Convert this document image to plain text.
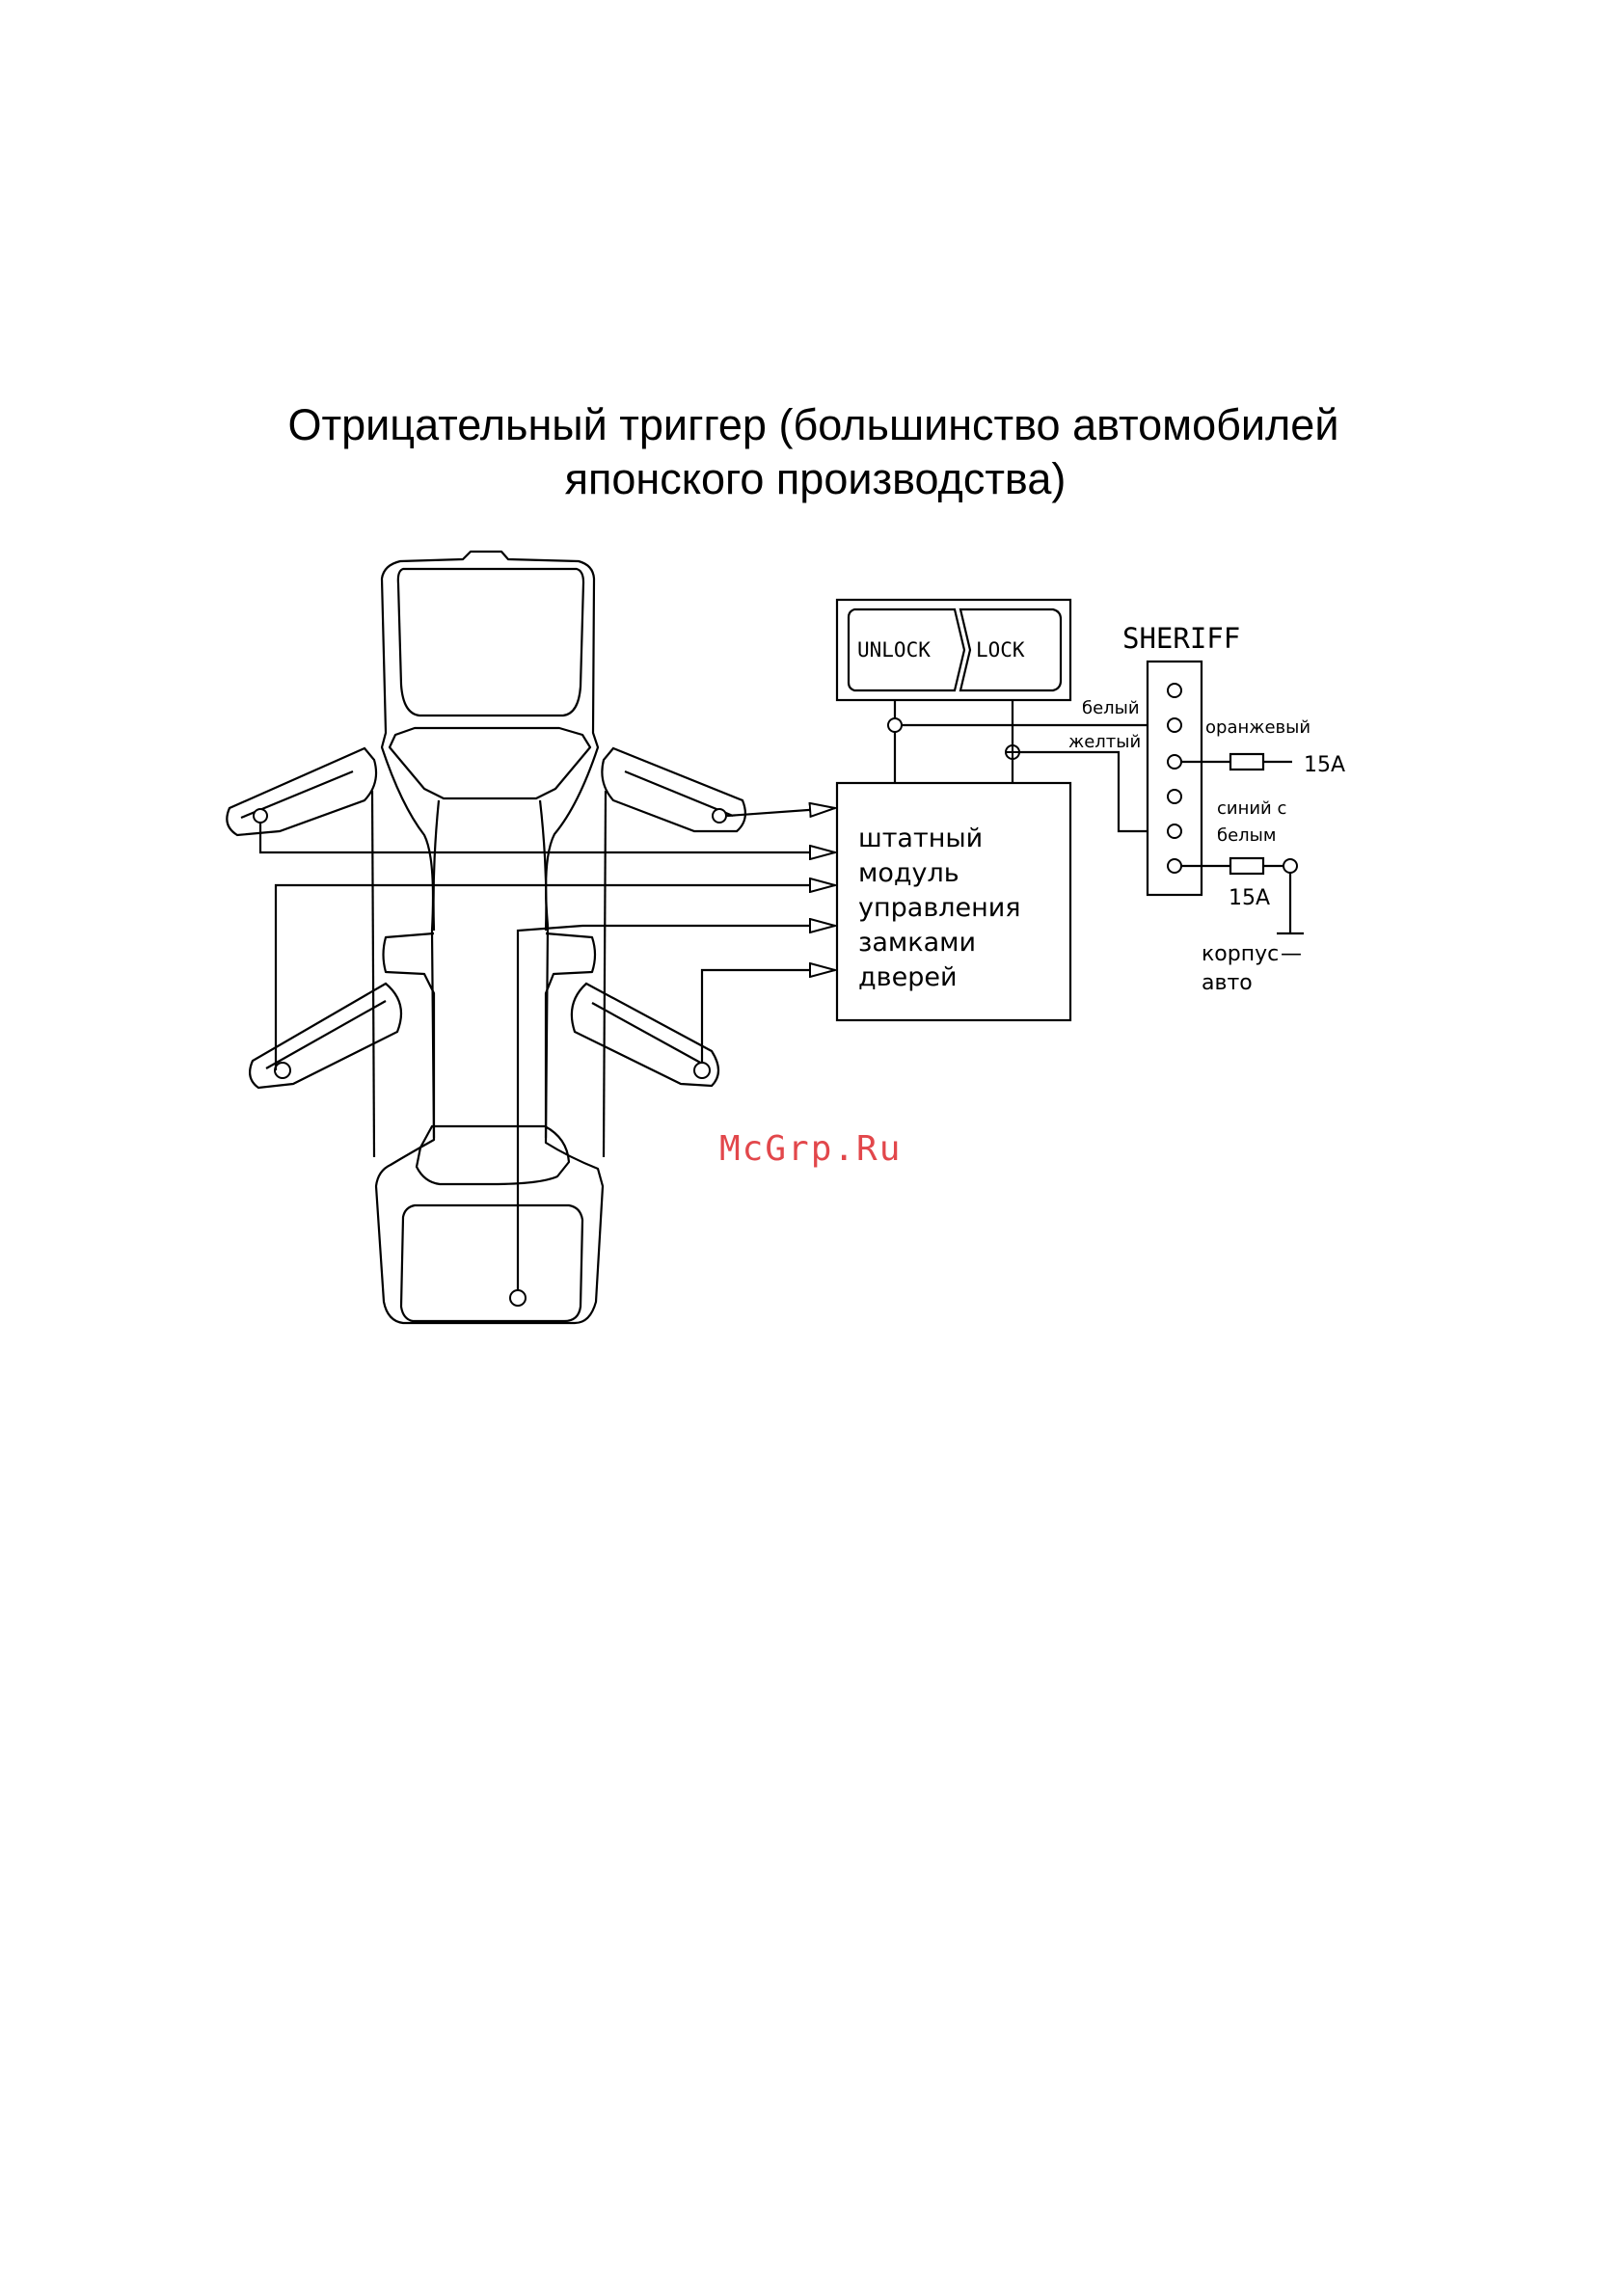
Отрицательный триггер (большинство автомобилей
японского производства)
штатный
модуль
управления
замками
дверей
UNLOCK LOCK
белый
желтый
SHERIFF
оранжевый
15A
синий с
белым
15A
корпус
авто
—
McGrp.Ru
